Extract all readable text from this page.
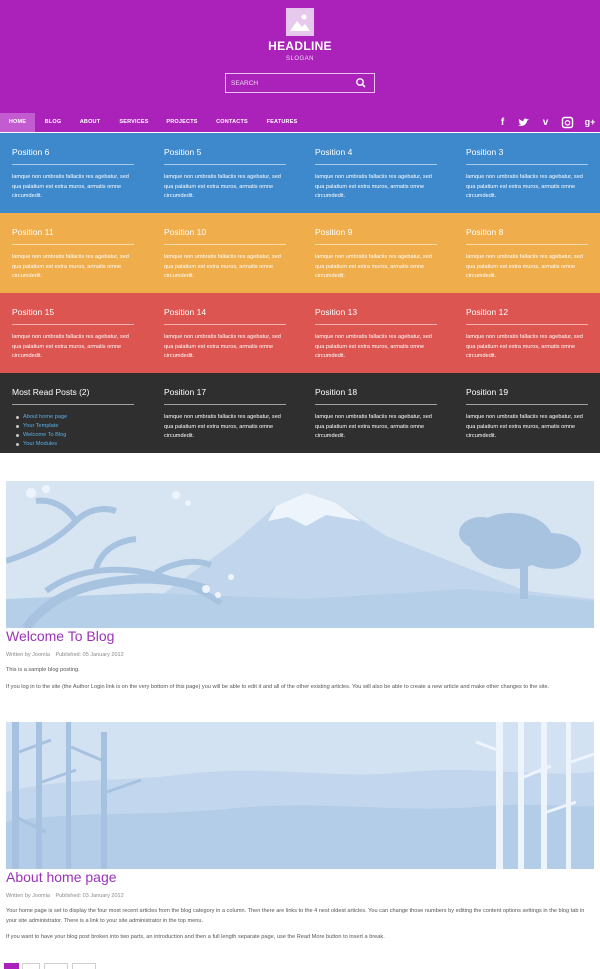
HEADLINE
SLOGAN
SEARCH
HOME	BLOG	ABOUT	SERVICES	PROJECTS	CONTACTS	FEATURES	f	v	g+
Position 6
lamque non umbratis fallaciis res agebatur, sed qua palatium est extra muros, armatis omne circumdedit.
Position 5
lamque non umbratis fallaciis res agebatur, sed qua palatium est extra muros, armatis omne circumdedit.
Position 4
lamque non umbratis fallaciis res agebatur, sed qua palatium est extra muros, armatis omne circumdedit.
Position 3
lamque non umbratis fallaciis res agebatur, sed qua palatium est extra muros, armatis omne circumdedit.
Position 11
lamque non umbratis fallaciis res agebatur, sed qua palatium est extra muros, armatis omne circumdedit.
Position 10
lamque non umbratis fallaciis res agebatur, sed qua palatium est extra muros, armatis omne circumdedit.
Position 9
lamque non umbratis fallaciis res agebatur, sed qua palatium est extra muros, armatis omne circumdedit.
Position 8
lamque non umbratis fallaciis res agebatur, sed qua palatium est extra muros, armatis omne circumdedit.
Position 15
lamque non umbratis fallaciis res agebatur, sed qua palatium est extra muros, armatis omne circumdedit.
Position 14
lamque non umbratis fallaciis res agebatur, sed qua palatium est extra muros, armatis omne circumdedit.
Position 13
lamque non umbratis fallaciis res agebatur, sed qua palatium est extra muros, armatis omne circumdedit.
Position 12
lamque non umbratis fallaciis res agebatur, sed qua palatium est extra muros, armatis omne circumdedit.
Most Read Posts (2)
About home page
Your Template
Welcome To Blog
Your Modules
Position 17
lamque non umbratis fallaciis res agebatur, sed qua palatium est extra muros, armatis omne circumdedit.
Position 18
lamque non umbratis fallaciis res agebatur, sed qua palatium est extra muros, armatis omne circumdedit.
Position 19
lamque non umbratis fallaciis res agebatur, sed qua palatium est extra muros, armatis omne circumdedit.
Welcome To Blog
Written by Joomla Published: 05 January 2012
This is a sample blog posting.
If you log in to the site (the Author Login link is on the very bottom of this page) you will be able to edit it and all of the other existing articles. You will also be able to create a new article and make other changes to the site.
About home page
Written by Joomla Published: 03 January 2012
Your home page is set to display the four most recent articles from the blog category in a column. Then there are links to the 4 nest oldest articles. You can change those numbers by editing the content options settings in the blog tab in your site administrator. There is a link to your site administrator in the top menu.
If you want to have your blog post broken into two parts, an introduction and then a full length separate page, use the Read More button to insert a break.
